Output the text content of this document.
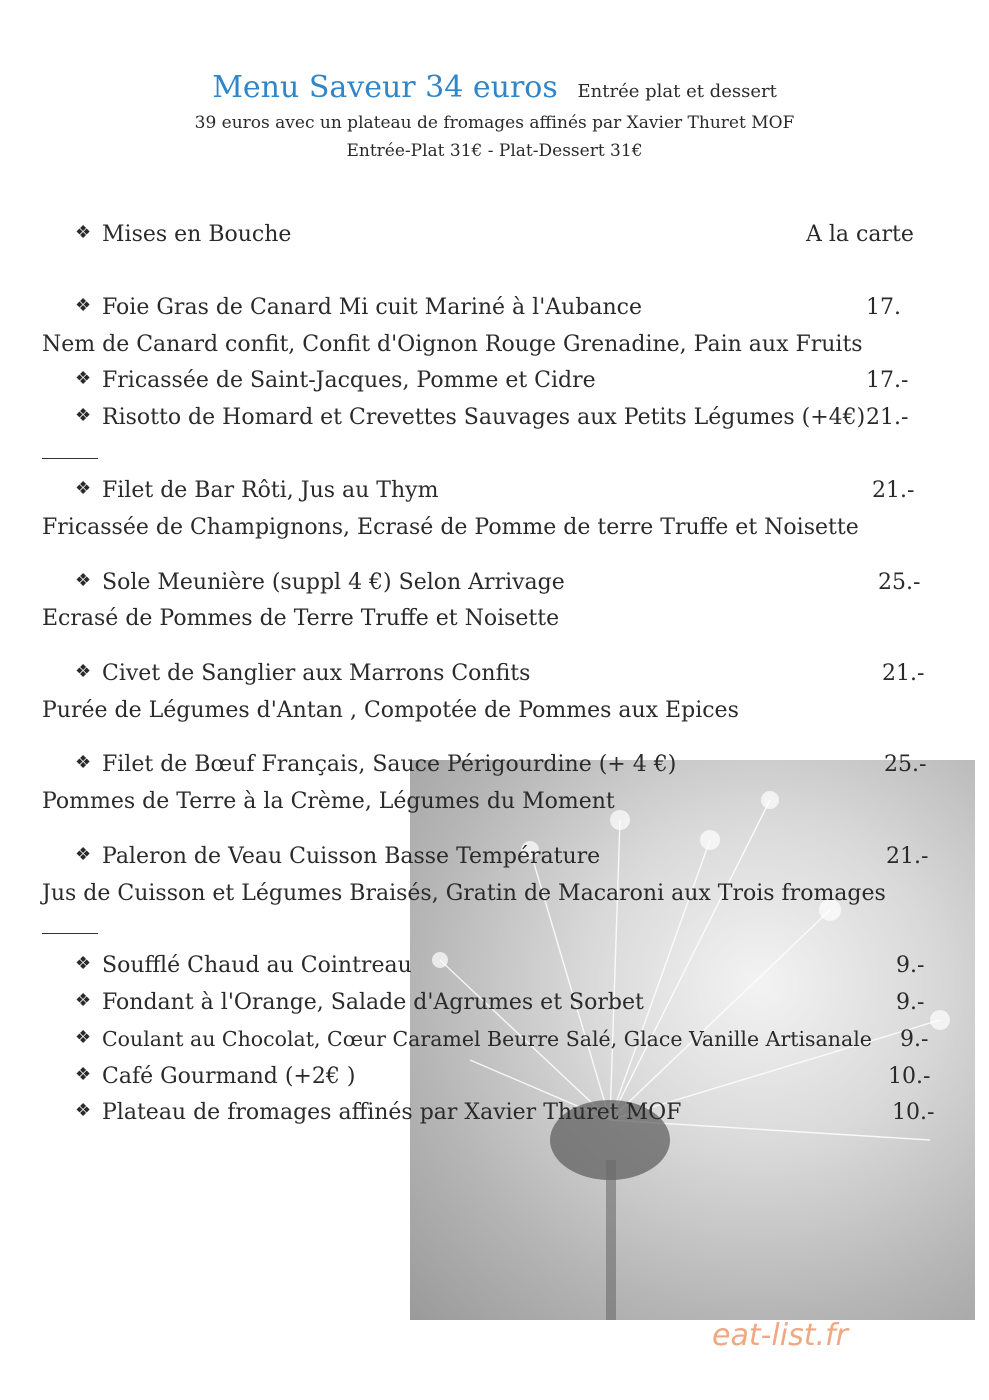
Menu Saveur 34 euros Entrée plat et dessert
39 euros avec un plateau de fromages affinés par Xavier Thuret MOF
Entrée-Plat 31€ - Plat-Dessert 31€
❖ Mises en Bouche	A la carte
❖ Foie Gras de Canard Mi cuit Mariné à l'Aubance	17.
Nem de Canard confit, Confit d'Oignon Rouge Grenadine, Pain aux Fruits
❖ Fricassée de Saint-Jacques, Pomme et Cidre	17.-
❖ Risotto de Homard et Crevettes Sauvages aux Petits Légumes (+4€) 21.-
❖ Filet de Bar Rôti, Jus au Thym	21.-
Fricassée de Champignons, Ecrasé de Pomme de terre Truffe et Noisette
❖ Sole Meunière (suppl 4 €) Selon Arrivage	25.-
Ecrasé de Pommes de Terre Truffe et Noisette
❖ Civet de Sanglier aux Marrons Confits	21.-
Purée de Légumes d'Antan , Compotée de Pommes aux Epices
❖ Filet de Bœuf Français, Sauce Périgourdine (+ 4 €)	25.-
Pommes de Terre à la Crème, Légumes du Moment
❖ Paleron de Veau Cuisson Basse Température	21.-
Jus de Cuisson et Légumes Braisés, Gratin de Macaroni aux Trois fromages
❖ Soufflé Chaud au Cointreau	9.-
❖ Fondant à l'Orange, Salade d'Agrumes et Sorbet	9.-
❖ Coulant au Chocolat, Cœur Caramel Beurre Salé, Glace Vanille Artisanale 9.-
❖ Café Gourmand (+2€ )	10.-
❖ Plateau de fromages affinés par Xavier Thuret MOF	10.-
eat-list.fr
